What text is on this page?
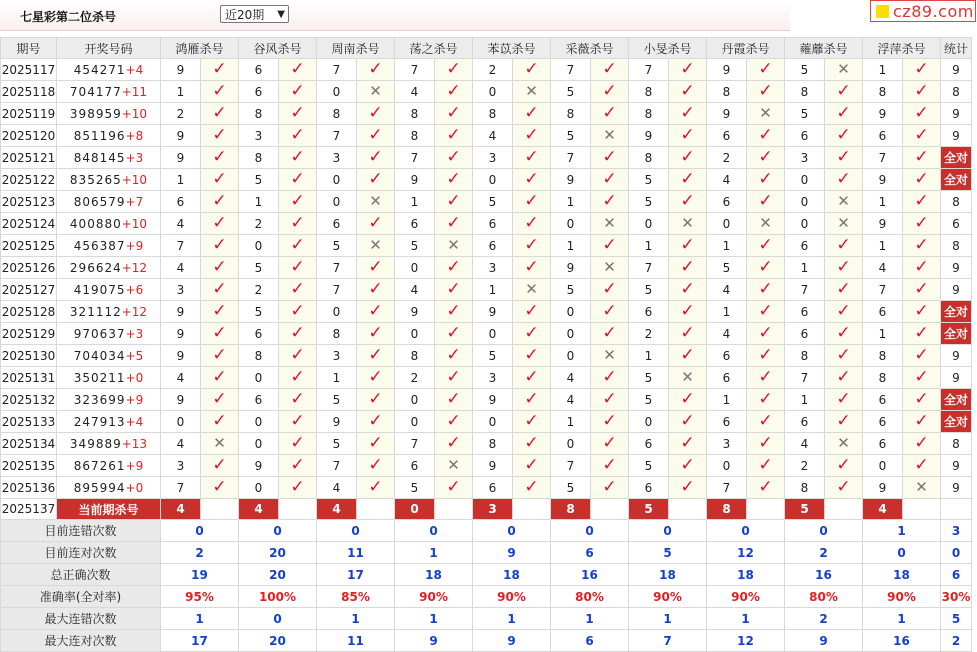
七星彩第二位杀号	近20期 ▼	cz89.com
期号	开奖号码	鸿雁杀号		谷风杀号		周南杀号		荡之杀号		苯苡杀号		采薇杀号		小旻杀号		丹霞杀号		蕹蘼杀号		浮萍杀号		统计
2025117	454271+4	9	✓	6	✓	7	✓	7	✓	2	✓	7	✓	7	✓	9	✓	5	✕	1	✓	9
2025118	704177+11	1	✓	6	✓	0	✕	4	✓	0	✕	5	✓	8	✓	8	✓	8	✓	8	✓	8
2025119	398959+10	2	✓	8	✓	8	✓	8	✓	8	✓	8	✓	8	✓	9	✕	5	✓	9	✓	9
2025120	851196+8	9	✓	3	✓	7	✓	8	✓	4	✓	5	✕	9	✓	6	✓	6	✓	6	✓	9
2025121	848145+3	9	✓	8	✓	3	✓	7	✓	3	✓	7	✓	8	✓	2	✓	3	✓	7	✓	全对
2025122	835265+10	1	✓	5	✓	0	✓	9	✓	0	✓	9	✓	5	✓	4	✓	0	✓	9	✓	全对
2025123	806579+7	6	✓	1	✓	0	✕	1	✓	5	✓	1	✓	5	✓	6	✓	0	✕	1	✓	8
2025124	400880+10	4	✓	2	✓	6	✓	6	✓	6	✓	0	✕	0	✕	0	✕	0	✕	9	✓	6
2025125	456387+9	7	✓	0	✓	5	✕	5	✕	6	✓	1	✓	1	✓	1	✓	6	✓	1	✓	8
2025126	296624+12	4	✓	5	✓	7	✓	0	✓	3	✓	9	✕	7	✓	5	✓	1	✓	4	✓	9
2025127	419075+6	3	✓	2	✓	7	✓	4	✓	1	✕	5	✓	5	✓	4	✓	7	✓	7	✓	9
2025128	321112+12	9	✓	5	✓	0	✓	9	✓	9	✓	0	✓	6	✓	1	✓	6	✓	6	✓	全对
2025129	970637+3	9	✓	6	✓	8	✓	0	✓	0	✓	0	✓	2	✓	4	✓	6	✓	1	✓	全对
2025130	704034+5	9	✓	8	✓	3	✓	8	✓	5	✓	0	✕	1	✓	6	✓	8	✓	8	✓	9
2025131	350211+0	4	✓	0	✓	1	✓	2	✓	3	✓	4	✓	5	✕	6	✓	7	✓	8	✓	9
2025132	323699+9	9	✓	6	✓	5	✓	0	✓	9	✓	4	✓	5	✓	1	✓	1	✓	6	✓	全对
2025133	247913+4	0	✓	0	✓	9	✓	0	✓	0	✓	1	✓	0	✓	6	✓	6	✓	6	✓	全对
2025134	349889+13	4	✕	0	✓	5	✓	7	✓	8	✓	0	✓	6	✓	3	✓	4	✕	6	✓	8
2025135	867261+9	3	✓	9	✓	7	✓	6	✕	9	✓	7	✓	5	✓	0	✓	2	✓	0	✓	9
2025136	895994+0	7	✓	0	✓	4	✓	5	✓	6	✓	5	✓	6	✓	7	✓	8	✓	9	✕	9
2025137	当前期杀号	4		4		4		0		3		8		5		8		5		4		
目前连错次数		0		0		0		0		0		0		0		0		0		1		3
目前连对次数		2		20		11		1		9		6		5		12		2		0		0
总正确次数		19		20		17		18		18		16		18		18		16		18		6
准确率(全对率)		95%		100%		85%		90%		90%		80%		90%		90%		80%		90%		30%
最大连错次数		1		0		1		1		1		1		1		1		2		1		5
最大连对次数		17		20		11		9		9		6		7		12		9		16		2
